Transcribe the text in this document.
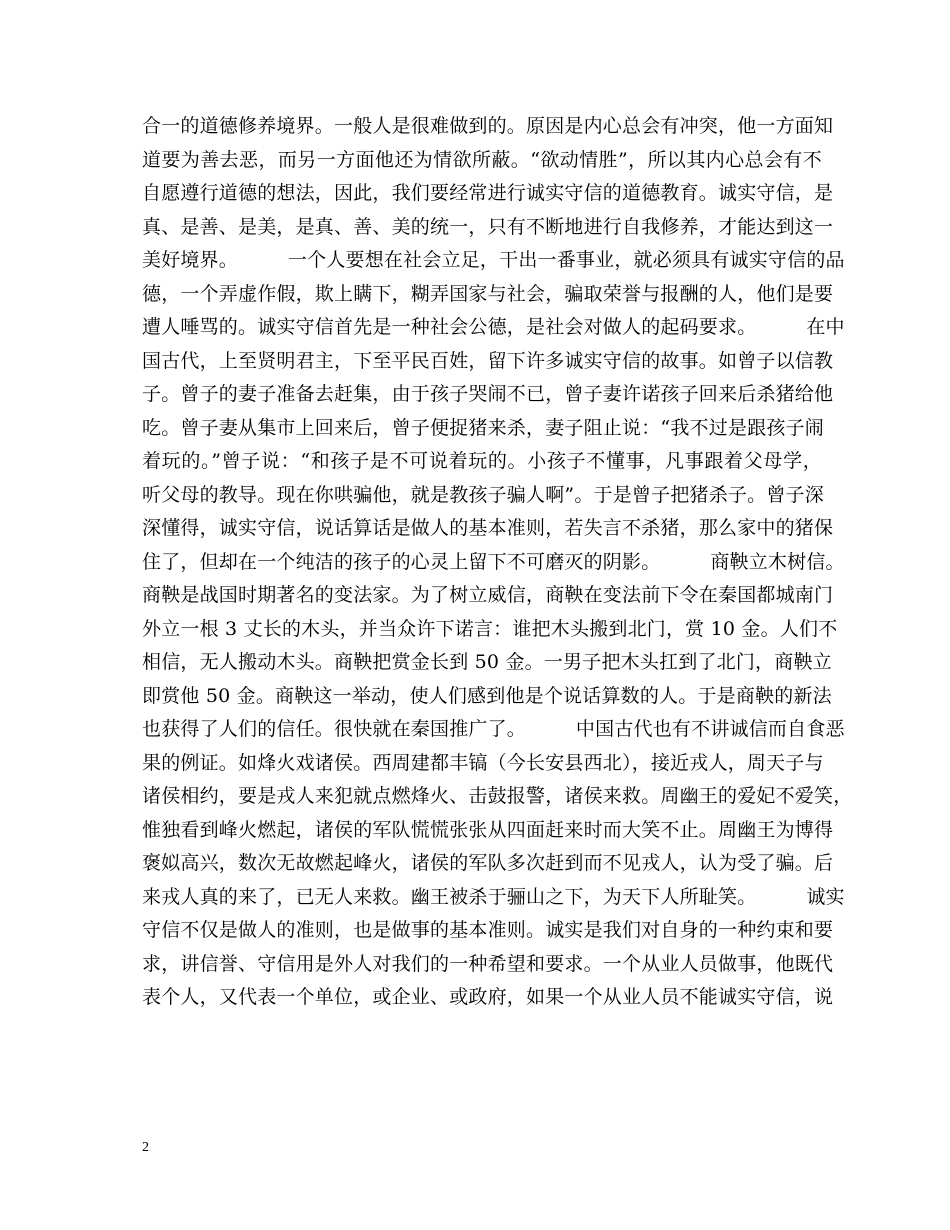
合一的道德修养境界。一般人是很难做到的。原因是内心总会有冲突，他一方面知
道要为善去恶，而另一方面他还为情欲所蔽。“欲动情胜”，所以其内心总会有不
自愿遵行道德的想法，因此，我们要经常进行诚实守信的道德教育。诚实守信，是
真、是善、是美，是真、善、美的统一，只有不断地进行自我修养，才能达到这一
美好境界。        一个人要想在社会立足，干出一番事业，就必须具有诚实守信的品
德，一个弄虚作假，欺上瞒下，糊弄国家与社会，骗取荣誉与报酬的人，他们是要
遭人唾骂的。诚实守信首先是一种社会公德，是社会对做人的起码要求。        在中
国古代，上至贤明君主，下至平民百姓，留下许多诚实守信的故事。如曾子以信教
子。曾子的妻子准备去赶集，由于孩子哭闹不已，曾子妻许诺孩子回来后杀猪给他
吃。曾子妻从集市上回来后，曾子便捉猪来杀，妻子阻止说：“我不过是跟孩子闹
着玩的。”曾子说：“和孩子是不可说着玩的。小孩子不懂事，凡事跟着父母学，
听父母的教导。现在你哄骗他，就是教孩子骗人啊”。于是曾子把猪杀子。曾子深
深懂得，诚实守信，说话算话是做人的基本准则，若失言不杀猪，那么家中的猪保
住了，但却在一个纯洁的孩子的心灵上留下不可磨灭的阴影。        商鞅立木树信。
商鞅是战国时期著名的变法家。为了树立威信，商鞅在变法前下令在秦国都城南门
外立一根 3 丈长的木头，并当众许下诺言：谁把木头搬到北门，赏 10 金。人们不
相信，无人搬动木头。商鞅把赏金长到 50 金。一男子把木头扛到了北门，商鞅立
即赏他 50 金。商鞅这一举动，使人们感到他是个说话算数的人。于是商鞅的新法
也获得了人们的信任。很快就在秦国推广了。        中国古代也有不讲诚信而自食恶
果的例证。如烽火戏诸侯。西周建都丰镐（今长安县西北），接近戎人，周天子与
诸侯相约，要是戎人来犯就点燃烽火、击鼓报警，诸侯来救。周幽王的爱妃不爱笑，
惟独看到峰火燃起，诸侯的军队慌慌张张从四面赶来时而大笑不止。周幽王为博得
褒姒高兴，数次无故燃起峰火，诸侯的军队多次赶到而不见戎人，认为受了骗。后
来戎人真的来了，已无人来救。幽王被杀于骊山之下，为天下人所耻笑。        诚实
守信不仅是做人的准则，也是做事的基本准则。诚实是我们对自身的一种约束和要
求，讲信誉、守信用是外人对我们的一种希望和要求。一个从业人员做事，他既代
表个人，又代表一个单位，或企业、或政府，如果一个从业人员不能诚实守信，说
2
